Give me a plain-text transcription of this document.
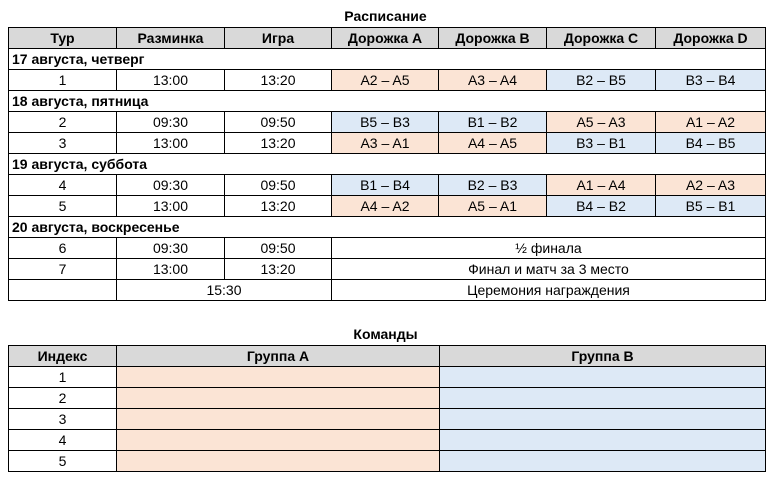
Расписание
Тур	Разминка	Игра	Дорожка A	Дорожка B	Дорожка C	Дорожка D
17 августа, четверг						
1	13:00	13:20	A2 – A5	A3 – A4	B2 – B5	B3 – B4
18 августа, пятница						
2	09:30	09:50	B5 – B3	B1 – B2	A5 – A3	A1 – A2
3	13:00	13:20	A3 – A1	A4 – A5	B3 – B1	B4 – B5
19 августа, суббота						
4	09:30	09:50	B1 – B4	B2 – B3	A1 – A4	A2 – A3
5	13:00	13:20	A4 – A2	A5 – A1	B4 – B2	B5 – B1
20 августа, воскресенье						
6	09:30	09:50	½ финала			
7	13:00	13:20	Финал и матч за 3 место			
	15:30		Церемония награждения			
Команды
Индекс	Группа A	Группа B
1		
2		
3		
4		
5		
